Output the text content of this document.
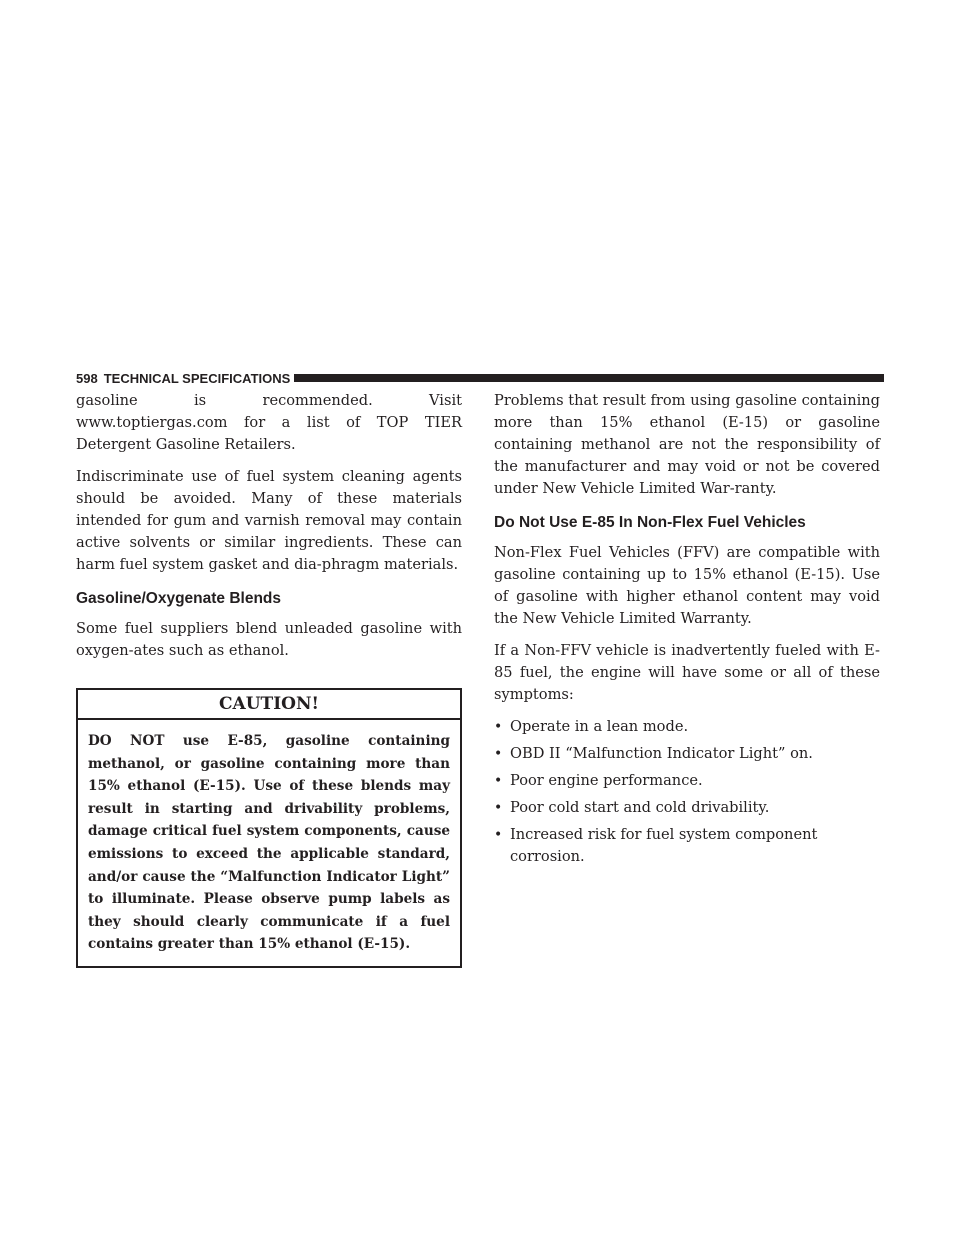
598 TECHNICAL SPECIFICATIONS

gasoline is recommended. Visit www.toptiergas.com for a list of TOP TIER Detergent Gasoline Retailers.

Indiscriminate use of fuel system cleaning agents should be avoided. Many of these materials intended for gum and varnish removal may contain active solvents or similar ingredients. These can harm fuel system gasket and dia-phragm materials.

Gasoline/Oxygenate Blends

Some fuel suppliers blend unleaded gasoline with oxygen-ates such as ethanol.

CAUTION!

DO NOT use E-85, gasoline containing methanol, or gasoline containing more than 15% ethanol (E-15). Use of these blends may result in starting and drivability problems, damage critical fuel system components, cause emissions to exceed the applicable standard, and/or cause the “Malfunction Indicator Light” to illuminate. Please observe pump labels as they should clearly communicate if a fuel contains greater than 15% ethanol (E-15).

Problems that result from using gasoline containing more than 15% ethanol (E-15) or gasoline containing methanol are not the responsibility of the manufacturer and may void or not be covered under New Vehicle Limited War-ranty.

Do Not Use E-85 In Non-Flex Fuel Vehicles

Non-Flex Fuel Vehicles (FFV) are compatible with gasoline containing up to 15% ethanol (E-15). Use of gasoline with higher ethanol content may void the New Vehicle Limited Warranty.

If a Non-FFV vehicle is inadvertently fueled with E-85 fuel, the engine will have some or all of these symptoms:

• Operate in a lean mode.
• OBD II “Malfunction Indicator Light” on.
• Poor engine performance.
• Poor cold start and cold drivability.
• Increased risk for fuel system component corrosion.
